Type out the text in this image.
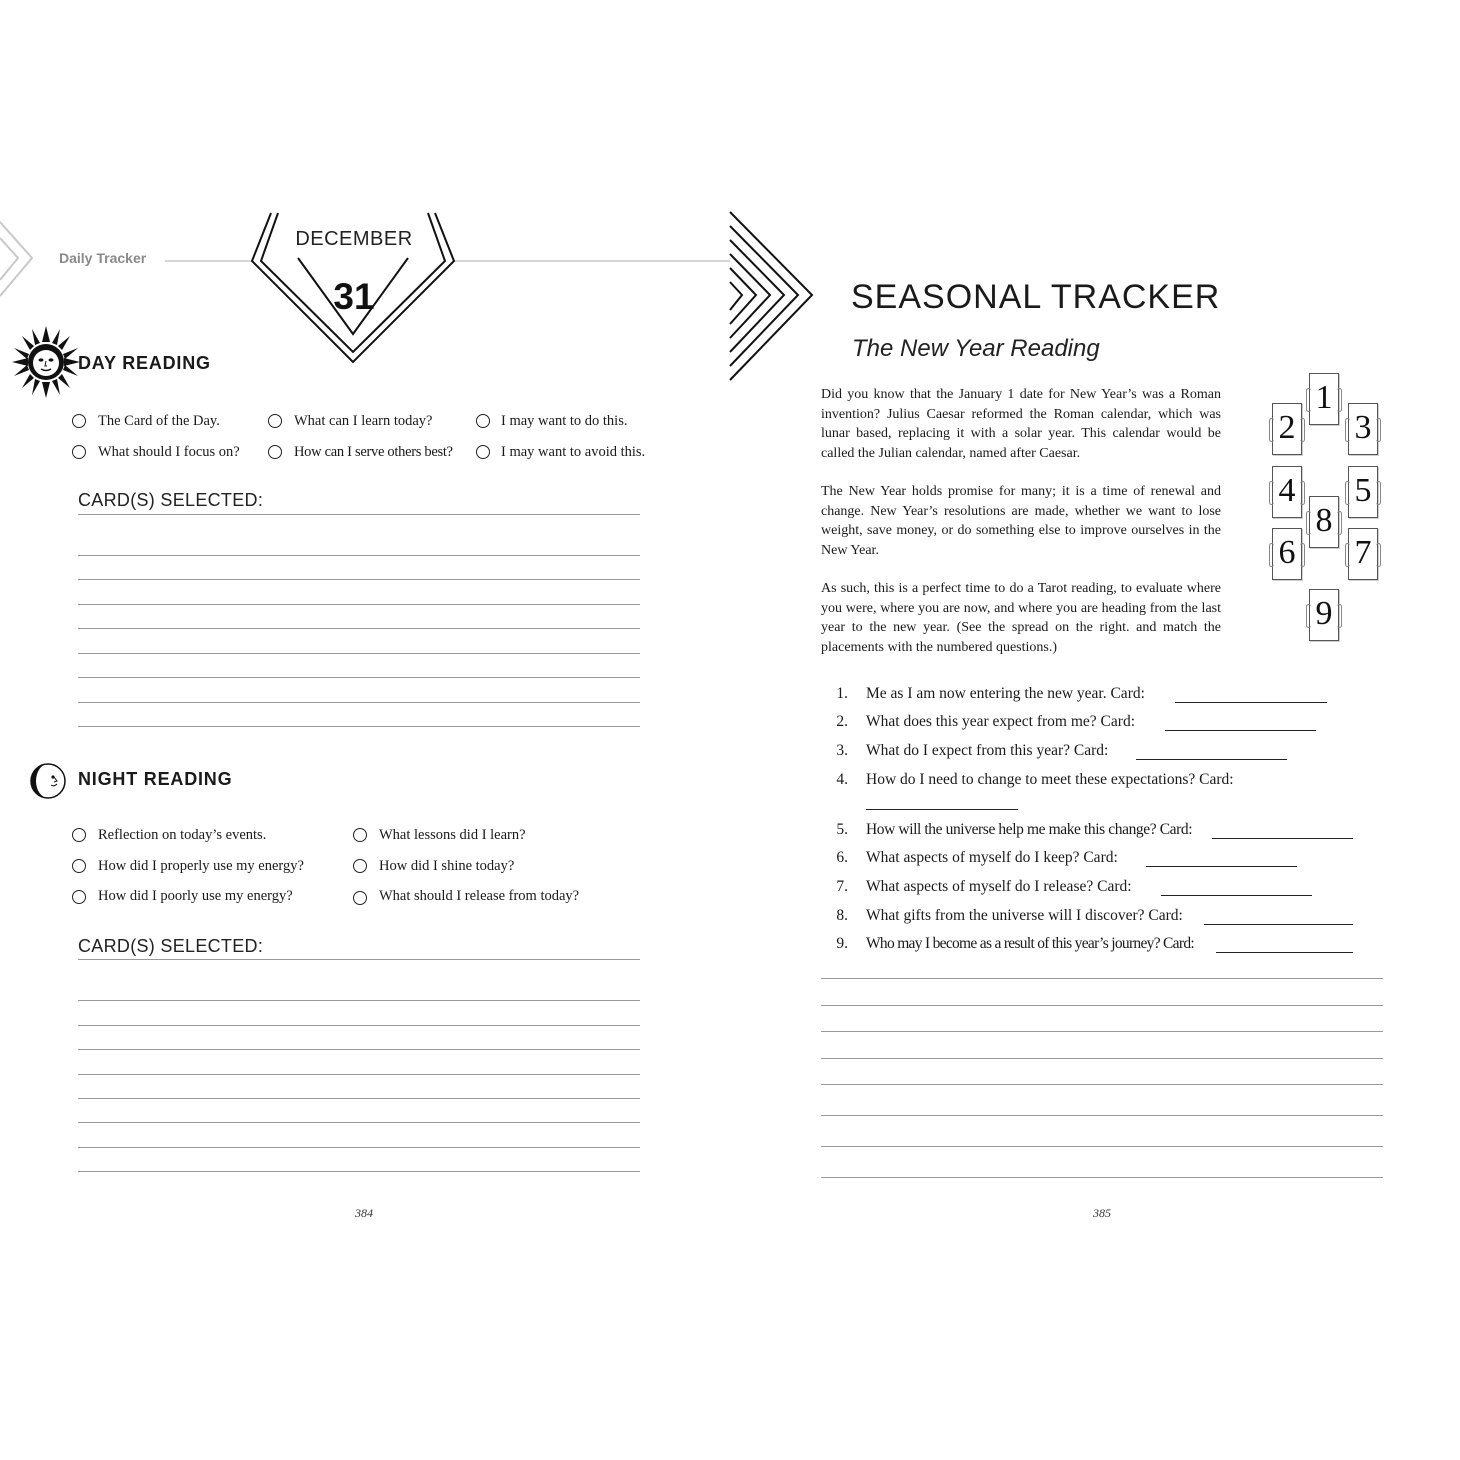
Daily Tracker
DECEMBER
31
DAY READING
The Card of the Day.	What can I learn today?	I may want to do this.
What should I focus on?	How can I serve others best?	I may want to avoid this.
CARD(S) SELECTED:
NIGHT READING
Reflection on today’s events.	What lessons did I learn?
How did I properly use my energy?	How did I shine today?
How did I poorly use my energy?	What should I release from today?
CARD(S) SELECTED:
384
SEASONAL TRACKER
The New Year Reading
Did you know that the January 1 date for New Year’s was a Roman invention? Julius Caesar reformed the Roman calendar, which was lunar based, replacing it with a solar year. This calendar would be called the Julian calendar, named after Caesar.
The New Year holds promise for many; it is a time of renewal and change. New Year’s resolutions are made, whether we want to lose weight, save money, or do something else to improve ourselves in the New Year.
As such, this is a perfect time to do a Tarot reading, to evaluate where you were, where you are now, and where you are heading from the last year to the new year. (See the spread on the right. and match the placements with the numbered questions.)
1
2 3
4 5
6 7
8
9
1. Me as I am now entering the new year. Card:
2. What does this year expect from me? Card:
3. What do I expect from this year? Card:
4. How do I need to change to meet these expectations? Card:
5. How will the universe help me make this change? Card:
6. What aspects of myself do I keep? Card:
7. What aspects of myself do I release? Card:
8. What gifts from the universe will I discover? Card:
9. Who may I become as a result of this year’s journey? Card:
385
